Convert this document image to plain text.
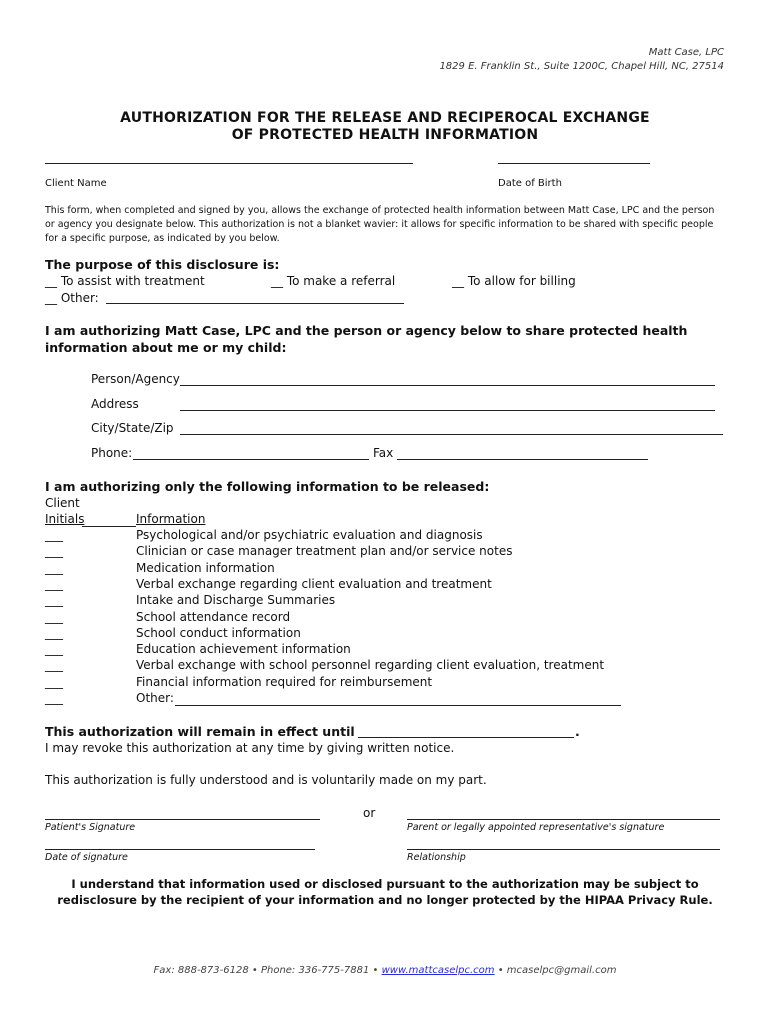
Matt Case, LPC
1829 E. Franklin St., Suite 1200C, Chapel Hill, NC, 27514
AUTHORIZATION FOR THE RELEASE AND RECIPEROCAL EXCHANGE
OF PROTECTED HEALTH INFORMATION
Client Name	Date of Birth
This form, when completed and signed by you, allows the exchange of protected health information between Matt Case, LPC and the person or agency you designate below. This authorization is not a blanket wavier: it allows for specific information to be shared with specific people for a specific purpose, as indicated by you below.
The purpose of this disclosure is:
__ To assist with treatment	__ To make a referral	__ To allow for billing
__ Other:
I am authorizing Matt Case, LPC and the person or agency below to share protected health
information about me or my child:
Person/Agency
Address
City/State/Zip
Phone:	Fax
I am authorizing only the following information to be released:
Client
Initials	Information
___	Psychological and/or psychiatric evaluation and diagnosis
___	Clinician or case manager treatment plan and/or service notes
___	Medication information
___	Verbal exchange regarding client evaluation and treatment
___	Intake and Discharge Summaries
___	School attendance record
___	School conduct information
___	Education achievement information
___	Verbal exchange with school personnel regarding client evaluation, treatment
___	Financial information required for reimbursement
___	Other:
This authorization will remain in effect until	.
I may revoke this authorization at any time by giving written notice.
This authorization is fully understood and is voluntarily made on my part.
or
Patient's Signature	Parent or legally appointed representative's signature
Date of signature	Relationship
I understand that information used or disclosed pursuant to the authorization may be subject to
redisclosure by the recipient of your information and no longer protected by the HIPAA Privacy Rule.
Fax: 888-873-6128 • Phone: 336-775-7881 • www.mattcaselpc.com • mcaselpc@gmail.com
